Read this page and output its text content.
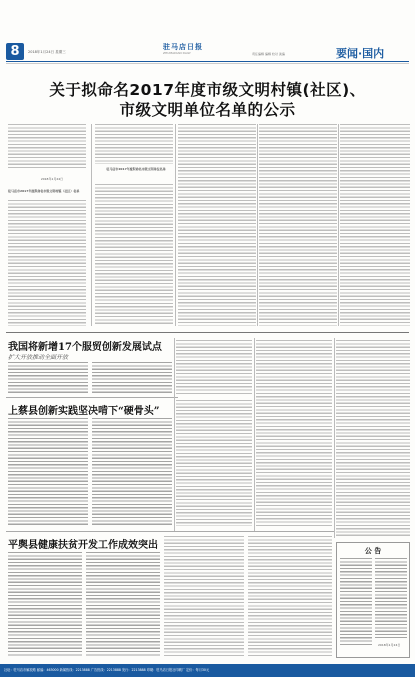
8	2018年1月24日 星期三
驻马店日报
ZHUMADIAN DAILY	责任编辑 编辑 校对 美编	要闻·国内
关于拟命名2017年度市级文明村镇(社区)、
市级文明单位名单的公示
2018年1月24日
驻马店市2017年度拟命名市级文明村镇（社区）名单
驻马店市2017年度拟命名市级文明单位名单
我国将新增17个服贸创新发展试点
扩大开放推动全面开放
上蔡县创新实践坚决啃下“硬骨头”
平舆县健康扶贫开发工作成效突出	公 告
2018年1月24日
社址：驻马店市解放路 邮编：463000 新闻热线：2213888 广告热线：2213888 发行：2213888 印刷：驻马店日报社印刷厂 定价：每月30元
